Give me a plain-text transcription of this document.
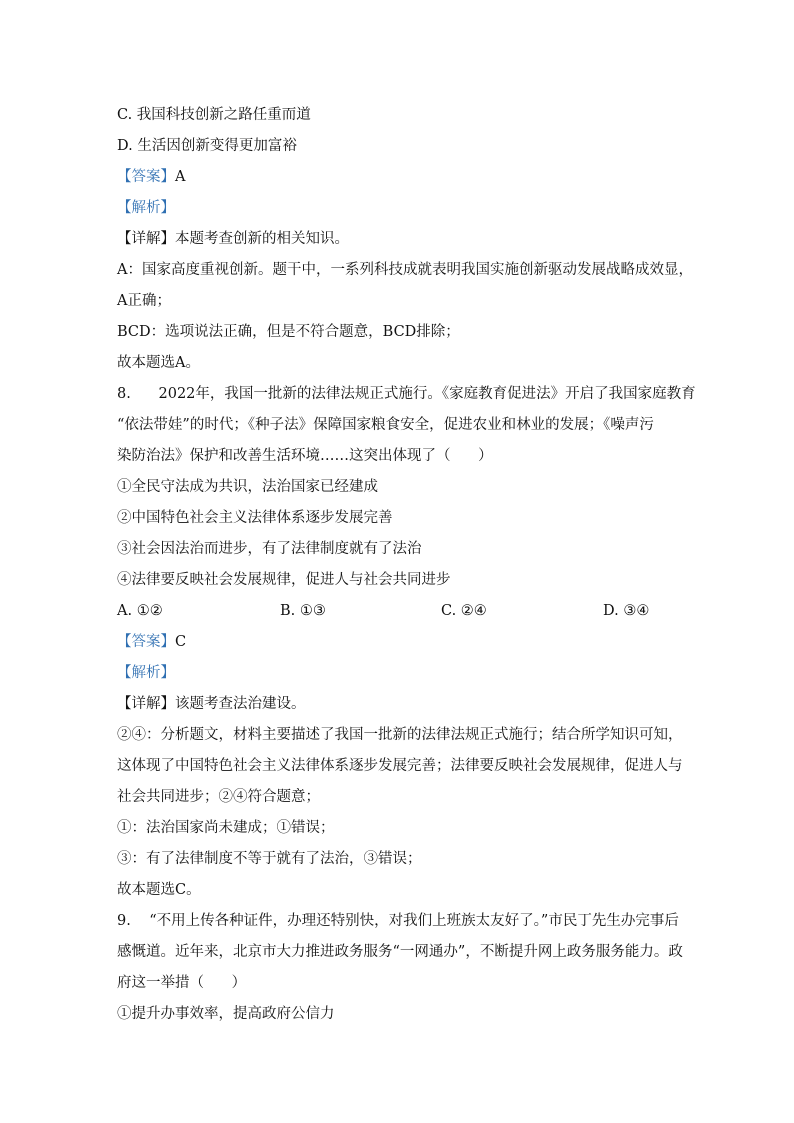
C. 我国科技创新之路任重而道
D. 生活因创新变得更加富裕
【答案】A
【解析】
【详解】本题考查创新的相关知识。
A：国家高度重视创新。题干中，一系列科技成就表明我国实施创新驱动发展战略成效显，
A正确；
BCD：选项说法正确，但是不符合题意，BCD排除；
故本题选A。
8.      2022年，我国一批新的法律法规正式施行。《家庭教育促进法》开启了我国家庭教育
“依法带娃”的时代；《种子法》保障国家粮食安全，促进农业和林业的发展；《噪声污
染防治法》保护和改善生活环境……这突出体现了（      ）
①全民守法成为共识，法治国家已经建成
②中国特色社会主义法律体系逐步发展完善
③社会因法治而进步，有了法律制度就有了法治
④法律要反映社会发展规律，促进人与社会共同进步
A. ①②	B. ①③	C. ②④	D. ③④
【答案】C
【解析】
【详解】该题考查法治建设。
②④：分析题文，材料主要描述了我国一批新的法律法规正式施行；结合所学知识可知，
这体现了中国特色社会主义法律体系逐步发展完善；法律要反映社会发展规律，促进人与
社会共同进步；②④符合题意；
①：法治国家尚未建成；①错误；
③：有了法律制度不等于就有了法治，③错误；
故本题选C。
9.    “不用上传各种证件，办理还特别快，对我们上班族太友好了。”市民丁先生办完事后
感慨道。近年来，北京市大力推进政务服务“一网通办”，不断提升网上政务服务能力。政
府这一举措（      ）
①提升办事效率，提高政府公信力
